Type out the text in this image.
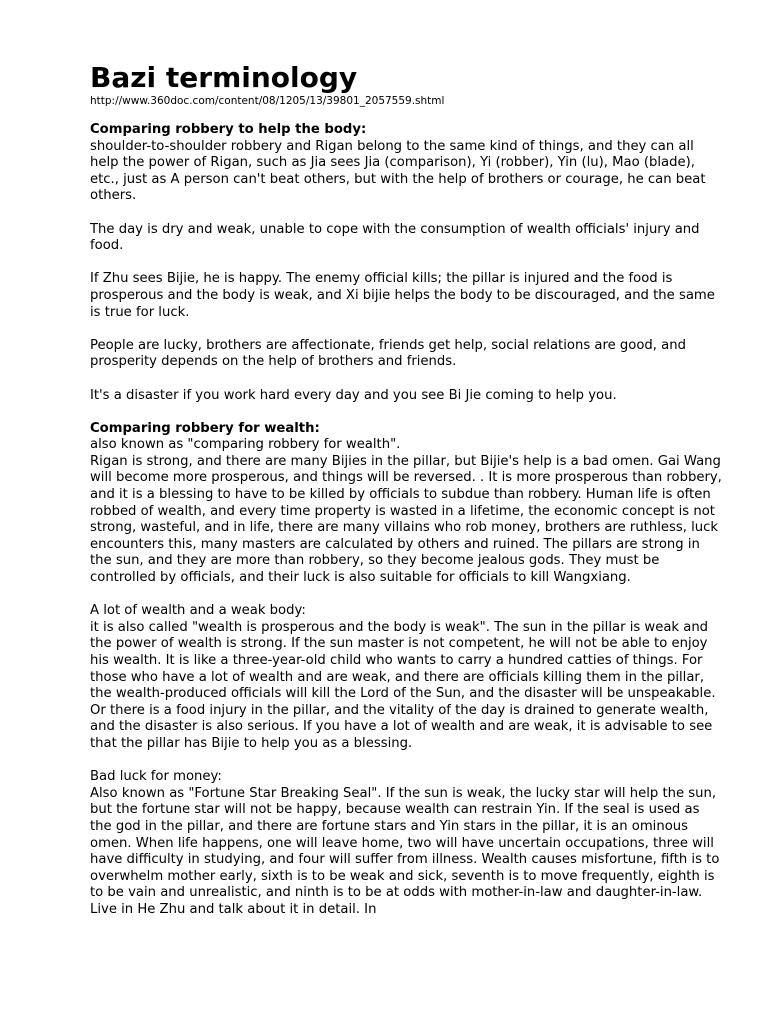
Bazi terminology
http://www.360doc.com/content/08/1205/13/39801_2057559.shtml
Comparing robbery to help the body:
shoulder-to-shoulder robbery and Rigan belong to the same kind of things, and they can all help the power of Rigan, such as Jia sees Jia (comparison), Yi (robber), Yin (lu), Mao (blade), etc., just as A person can't beat others, but with the help of brothers or courage, he can beat others.
The day is dry and weak, unable to cope with the consumption of wealth officials' injury and food.
If Zhu sees Bijie, he is happy. The enemy official kills; the pillar is injured and the food is prosperous and the body is weak, and Xi bijie helps the body to be discouraged, and the same is true for luck.
People are lucky, brothers are affectionate, friends get help, social relations are good, and prosperity depends on the help of brothers and friends.
It's a disaster if you work hard every day and you see Bi Jie coming to help you.
Comparing robbery for wealth:
also known as "comparing robbery for wealth".
Rigan is strong, and there are many Bijies in the pillar, but Bijie's help is a bad omen. Gai Wang will become more prosperous, and things will be reversed. . It is more prosperous than robbery, and it is a blessing to have to be killed by officials to subdue than robbery. Human life is often robbed of wealth, and every time property is wasted in a lifetime, the economic concept is not strong, wasteful, and in life, there are many villains who rob money, brothers are ruthless, luck encounters this, many masters are calculated by others and ruined. The pillars are strong in the sun, and they are more than robbery, so they become jealous gods. They must be controlled by officials, and their luck is also suitable for officials to kill Wangxiang.
A lot of wealth and a weak body:
it is also called "wealth is prosperous and the body is weak". The sun in the pillar is weak and the power of wealth is strong. If the sun master is not competent, he will not be able to enjoy his wealth. It is like a three-year-old child who wants to carry a hundred catties of things. For those who have a lot of wealth and are weak, and there are officials killing them in the pillar, the wealth-produced officials will kill the Lord of the Sun, and the disaster will be unspeakable. Or there is a food injury in the pillar, and the vitality of the day is drained to generate wealth, and the disaster is also serious. If you have a lot of wealth and are weak, it is advisable to see that the pillar has Bijie to help you as a blessing.
Bad luck for money:
Also known as "Fortune Star Breaking Seal". If the sun is weak, the lucky star will help the sun, but the fortune star will not be happy, because wealth can restrain Yin. If the seal is used as the god in the pillar, and there are fortune stars and Yin stars in the pillar, it is an ominous omen. When life happens, one will leave home, two will have uncertain occupations, three will have difficulty in studying, and four will suffer from illness. Wealth causes misfortune, fifth is to overwhelm mother early, sixth is to be weak and sick, seventh is to move frequently, eighth is to be vain and unrealistic, and ninth is to be at odds with mother-in-law and daughter-in-law. Live in He Zhu and talk about it in detail. In
